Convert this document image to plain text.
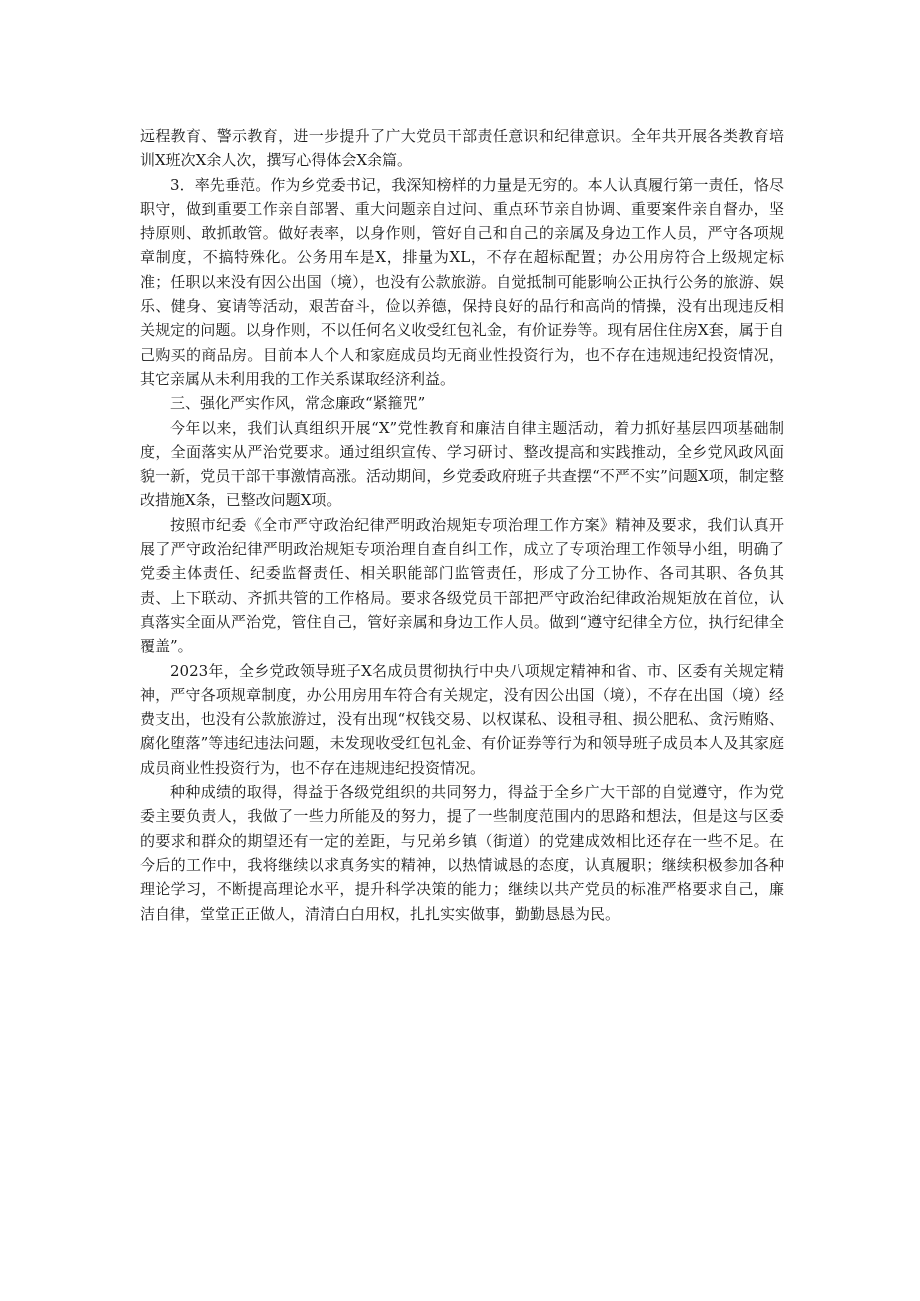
远程教育、警示教育，进一步提升了广大党员干部责任意识和纪律意识。全年共开展各类教育培训X班次X余人次，撰写心得体会X余篇。

3．率先垂范。作为乡党委书记，我深知榜样的力量是无穷的。本人认真履行第一责任，恪尽职守，做到重要工作亲自部署、重大问题亲自过问、重点环节亲自协调、重要案件亲自督办，坚持原则、敢抓敢管。做好表率，以身作则，管好自己和自己的亲属及身边工作人员，严守各项规章制度，不搞特殊化。公务用车是X，排量为XL，不存在超标配置；办公用房符合上级规定标准；任职以来没有因公出国（境），也没有公款旅游。自觉抵制可能影响公正执行公务的旅游、娱乐、健身、宴请等活动，艰苦奋斗，俭以养德，保持良好的品行和高尚的情操，没有出现违反相关规定的问题。以身作则，不以任何名义收受红包礼金，有价证券等。现有居住住房X套，属于自己购买的商品房。目前本人个人和家庭成员均无商业性投资行为，也不存在违规违纪投资情况，其它亲属从未利用我的工作关系谋取经济利益。

三、强化严实作风，常念廉政“紧箍咒”

今年以来，我们认真组织开展“X”党性教育和廉洁自律主题活动，着力抓好基层四项基础制度，全面落实从严治党要求。通过组织宣传、学习研讨、整改提高和实践推动，全乡党风政风面貌一新，党员干部干事激情高涨。活动期间，乡党委政府班子共查摆“不严不实”问题X项，制定整改措施X条，已整改问题X项。

按照市纪委《全市严守政治纪律严明政治规矩专项治理工作方案》精神及要求，我们认真开展了严守政治纪律严明政治规矩专项治理自查自纠工作，成立了专项治理工作领导小组，明确了党委主体责任、纪委监督责任、相关职能部门监管责任，形成了分工协作、各司其职、各负其责、上下联动、齐抓共管的工作格局。要求各级党员干部把严守政治纪律政治规矩放在首位，认真落实全面从严治党，管住自己，管好亲属和身边工作人员。做到“遵守纪律全方位，执行纪律全覆盖”。

2023年，全乡党政领导班子X名成员贯彻执行中央八项规定精神和省、市、区委有关规定精神，严守各项规章制度，办公用房用车符合有关规定，没有因公出国（境），不存在出国（境）经费支出，也没有公款旅游过，没有出现“权钱交易、以权谋私、设租寻租、损公肥私、贪污贿赂、腐化堕落”等违纪违法问题，未发现收受红包礼金、有价证券等行为和领导班子成员本人及其家庭成员商业性投资行为，也不存在违规违纪投资情况。

种种成绩的取得，得益于各级党组织的共同努力，得益于全乡广大干部的自觉遵守，作为党委主要负责人，我做了一些力所能及的努力，提了一些制度范围内的思路和想法，但是这与区委的要求和群众的期望还有一定的差距，与兄弟乡镇（街道）的党建成效相比还存在一些不足。在今后的工作中，我将继续以求真务实的精神，以热情诚恳的态度，认真履职；继续积极参加各种理论学习，不断提高理论水平，提升科学决策的能力；继续以共产党员的标准严格要求自己，廉洁自律，堂堂正正做人，清清白白用权，扎扎实实做事，勤勤恳恳为民。
